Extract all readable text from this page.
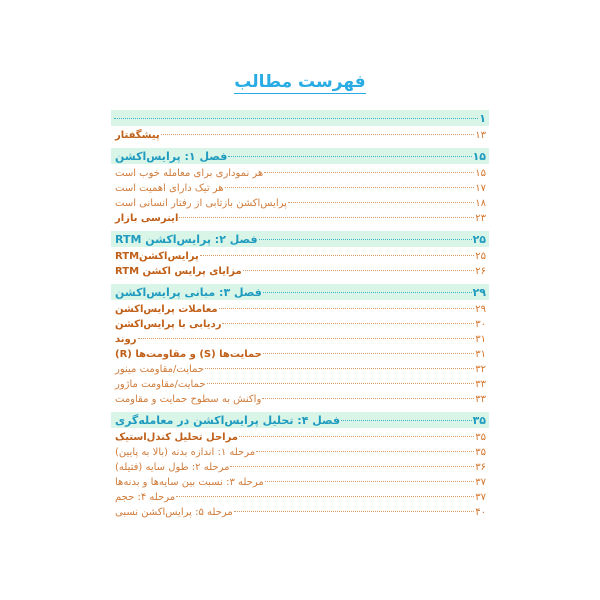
فهرست مطالب
۱
۱۳
پیشگفتار
۱۵
فصل ۱: پرایس‌اکشن
۱۵
هر نموداری برای معامله خوب است
۱۷
هر تیک دارای اهمیت است
۱۸
پرایس‌اکشن بازتابی از رفتار انسانی است
۲۳
اینرسی بازار
۲۵
فصل ۲: پرایس‌اکشن RTM
۲۵
پرایس‌اکشنRTM
۲۶
مزایای پرایس اکشن RTM
۲۹
فصل ۳: مبانی پرایس‌اکشن
۲۹
معاملات پرایس‌اکشن
۳۰
ردیابی با پرایس‌اکشن
۳۱
روند
۳۱
حمایت‌ها (S) و مقاومت‌ها (R)
۳۲
حمایت/مقاومت مینور
۳۳
حمایت/مقاومت ماژور
۳۳
واکنش به سطوح حمایت و مقاومت
۳۵
فصل ۴: تحلیل پرایس‌اکشن در معامله‌گری
۳۵
مراحل تحلیل کندل‌استیک
۳۵
مرحله ۱: اندازه بدنه (بالا به پایین)
۳۶
مرحله ۲: طول سایه (فتیله)
۳۷
مرحله ۳: نسبت بین سایه‌ها و بدنه‌ها
۳۷
مرحله ۴: حجم
۴۰
مرحله ۵: پرایس‌اکشن نسبی
